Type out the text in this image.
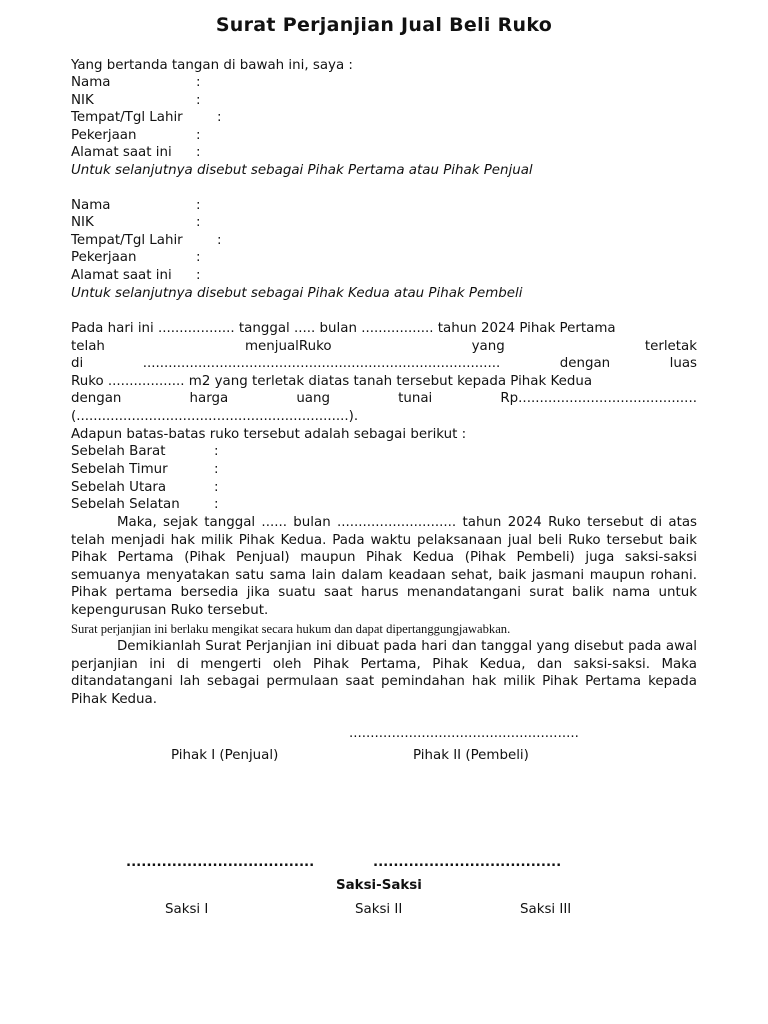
Surat Perjanjian Jual Beli Ruko
Yang bertanda tangan di bawah ini, saya :
Nama	:
NIK	:
Tempat/Tgl Lahir	:
Pekerjaan	:
Alamat saat ini :
Untuk selanjutnya disebut sebagai Pihak Pertama atau Pihak Penjual
Nama	:
NIK	:
Tempat/Tgl Lahir	:
Pekerjaan	:
Alamat saat ini :
Untuk selanjutnya disebut sebagai Pihak Kedua atau Pihak Pembeli
Pada hari ini .................. tanggal ..... bulan ................. tahun 2024 Pihak Pertama
telah	menjualRuko	yang	terletak
di	....................................................................................	dengan	luas
Ruko .................. m2 yang terletak diatas tanah tersebut kepada Pihak Kedua
dengan	harga	uang	tunai	Rp..........................................
(................................................................).
Adapun batas-batas ruko tersebut adalah sebagai berikut :
Sebelah Barat	:
Sebelah Timur	:
Sebelah Utara	:
Sebelah Selatan	:
Maka, sejak tanggal ...... bulan ............................ tahun 2024 Ruko tersebut di atas telah menjadi hak milik Pihak Kedua. Pada waktu pelaksanaan jual beli Ruko tersebut baik Pihak Pertama (Pihak Penjual) maupun Pihak Kedua (Pihak Pembeli) juga saksi-saksi semuanya menyatakan satu sama lain dalam keadaan sehat, baik jasmani maupun rohani. Pihak pertama bersedia jika suatu saat harus menandatangani surat balik nama untuk kepengurusan Ruko tersebut.
Surat perjanjian ini berlaku mengikat secara hukum dan dapat dipertanggungjawabkan.
Demikianlah Surat Perjanjian ini dibuat pada hari dan tanggal yang disebut pada awal perjanjian ini di mengerti oleh Pihak Pertama, Pihak Kedua, dan saksi-saksi. Maka ditandatangani lah sebagai permulaan saat pemindahan hak milik Pihak Pertama kepada Pihak Kedua.
......................................................
Pihak I (Penjual)	Pihak II (Pembeli)
.....................................	.....................................
Saksi-Saksi
Saksi I	Saksi II	Saksi III
